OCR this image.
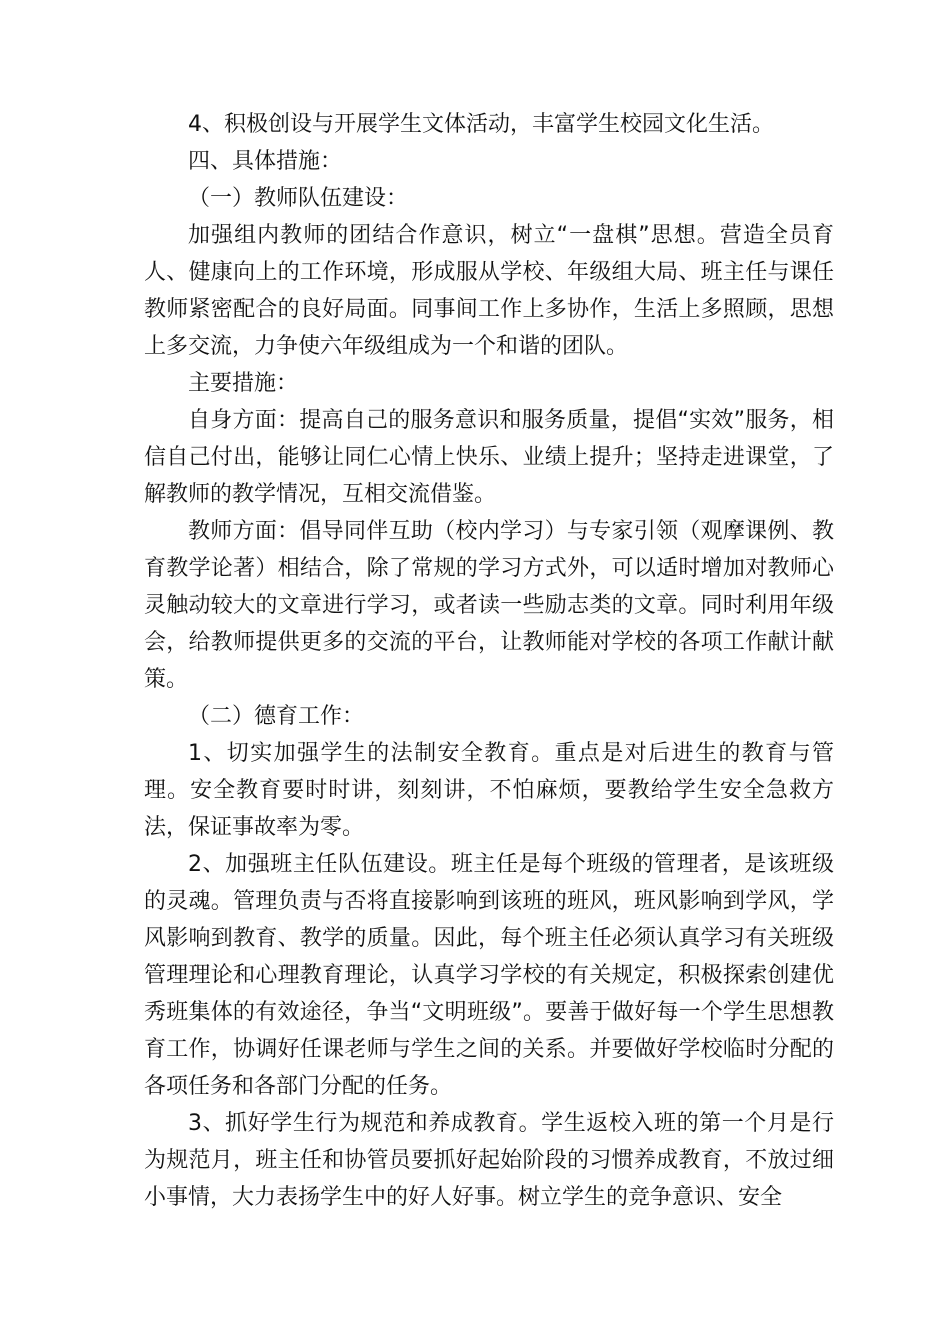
4、积极创设与开展学生文体活动，丰富学生校园文化生活。

四、具体措施：

（一）教师队伍建设：

加强组内教师的团结合作意识，树立“一盘棋”思想。营造全员育人、健康向上的工作环境，形成服从学校、年级组大局、班主任与课任教师紧密配合的良好局面。同事间工作上多协作，生活上多照顾，思想上多交流，力争使六年级组成为一个和谐的团队。

主要措施：

自身方面：提高自己的服务意识和服务质量，提倡“实效”服务，相信自己付出，能够让同仁心情上快乐、业绩上提升；坚持走进课堂，了解教师的教学情况，互相交流借鉴。

教师方面：倡导同伴互助（校内学习）与专家引领（观摩课例、教育教学论著）相结合，除了常规的学习方式外，可以适时增加对教师心灵触动较大的文章进行学习，或者读一些励志类的文章。同时利用年级会，给教师提供更多的交流的平台，让教师能对学校的各项工作献计献策。

（二）德育工作：

1、切实加强学生的法制安全教育。重点是对后进生的教育与管理。安全教育要时时讲，刻刻讲，不怕麻烦，要教给学生安全急救方法，保证事故率为零。

2、加强班主任队伍建设。班主任是每个班级的管理者，是该班级的灵魂。管理负责与否将直接影响到该班的班风，班风影响到学风，学风影响到教育、教学的质量。因此，每个班主任必须认真学习有关班级管理理论和心理教育理论，认真学习学校的有关规定，积极探索创建优秀班集体的有效途径，争当“文明班级”。要善于做好每一个学生思想教育工作，协调好任课老师与学生之间的关系。并要做好学校临时分配的各项任务和各部门分配的任务。

3、抓好学生行为规范和养成教育。学生返校入班的第一个月是行为规范月，班主任和协管员要抓好起始阶段的习惯养成教育，不放过细小事情，大力表扬学生中的好人好事。树立学生的竞争意识、安全
